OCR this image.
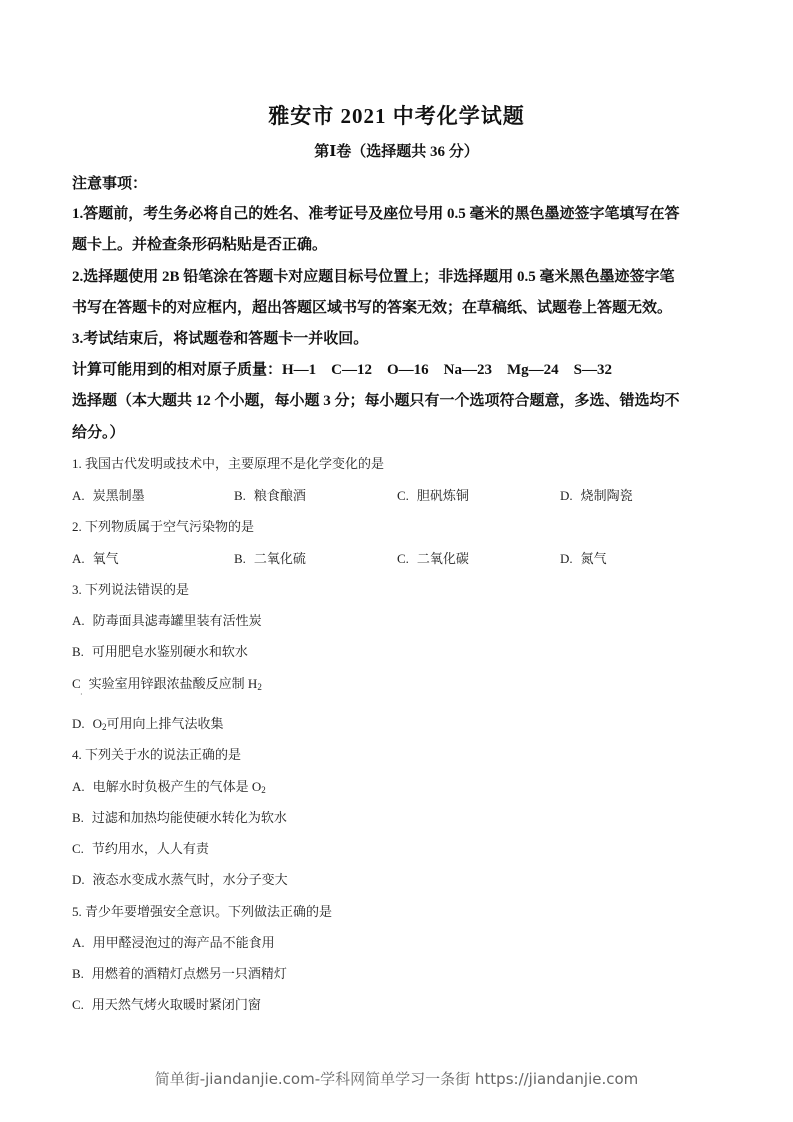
雅安市 2021 中考化学试题
第Ⅰ卷（选择题共 36 分）
注意事项：
1.答题前，考生务必将自己的姓名、准考证号及座位号用 0.5 毫米的黑色墨迹签字笔填写在答
题卡上。并检查条形码粘贴是否正确。
2.选择题使用 2B 铅笔涂在答题卡对应题目标号位置上；非选择题用 0.5 毫米黑色墨迹签字笔
书写在答题卡的对应框内，超出答题区域书写的答案无效；在草稿纸、试题卷上答题无效。
3.考试结束后，将试题卷和答题卡一并收回。
计算可能用到的相对原子质量：H—1    C—12    O—16    Na—23    Mg—24    S—32
选择题（本大题共 12 个小题，每小题 3 分；每小题只有一个选项符合题意，多选、错选均不
给分。）
1. 我国古代发明或技术中，主要原理不是化学变化的是
A. 炭黑制墨	B. 粮食酿酒	C. 胆矾炼铜	D. 烧制陶瓷
2. 下列物质属于空气污染物的是
A. 氧气	B. 二氧化硫	C. 二氧化碳	D. 氮气
3. 下列说法错误的是
A. 防毒面具滤毒罐里装有活性炭
B. 可用肥皂水鉴别硬水和软水
C 实验室用锌跟浓盐酸反应制 $H_2$
·
D. $O_2$可用向上排气法收集
4. 下列关于水的说法正确的是
A. 电解水时负极产生的气体是 $O_2$
B. 过滤和加热均能使硬水转化为软水
C. 节约用水，人人有责
D. 液态水变成水蒸气时，水分子变大
5. 青少年要增强安全意识。下列做法正确的是
A. 用甲醛浸泡过的海产品不能食用
B. 用燃着的酒精灯点燃另一只酒精灯
C. 用天然气烤火取暖时紧闭门窗
简单街-jiandanjie.com-学科网简单学习一条街 https://jiandanjie.com
